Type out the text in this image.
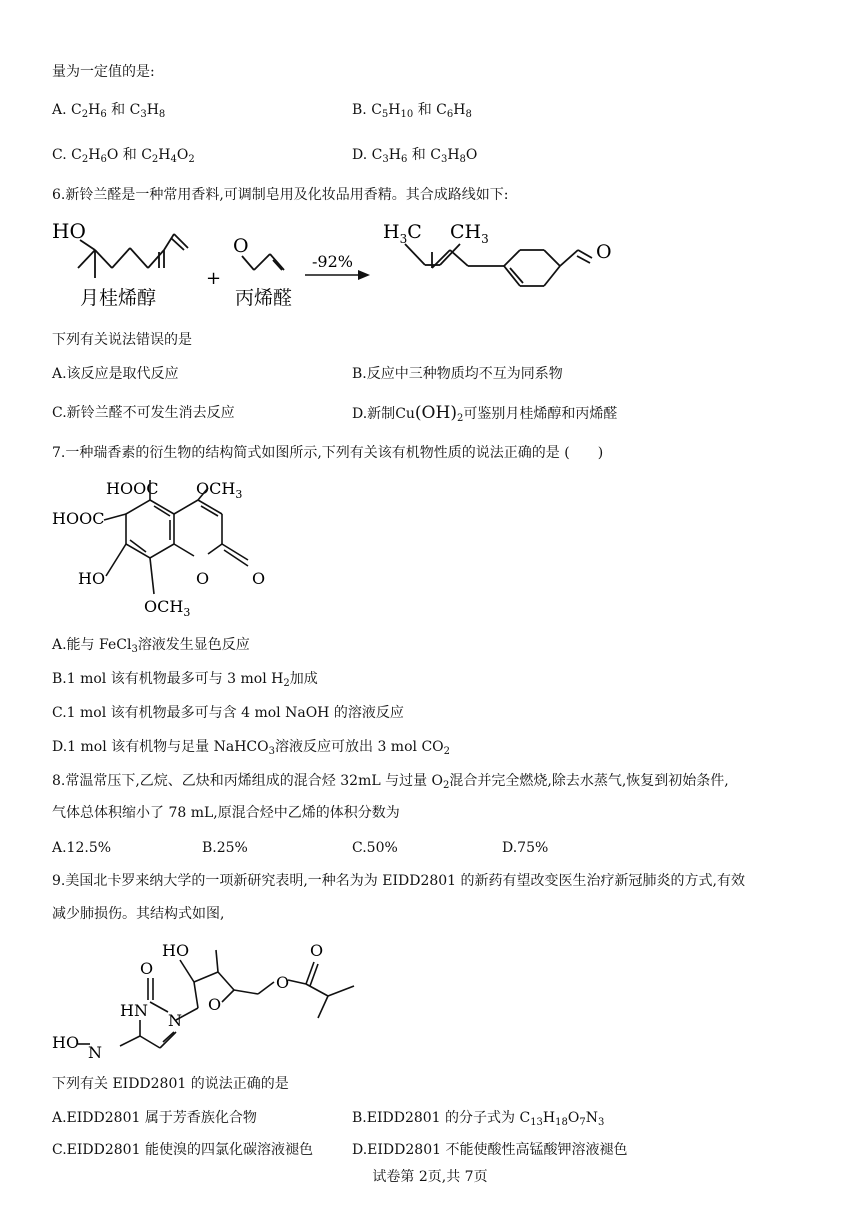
量为一定值的是:
A. $C_2H_6$ 和 $C_3H_8$	B. $C_5H_{10}$ 和 $C_6H_8$
C. $C_2H_6O$ 和 $C_2H_4O_2$	D. $C_3H_6$ 和 $C_3H_8O$
6.新铃兰醛是一种常用香料,可调制皂用及化妆品用香精。其合成路线如下:
HO
月桂烯醇
+
O
丙烯醛
-92%
$H_3C$ $CH_3$
O
下列有关说法错误的是
A.该反应是取代反应	B.反应中三种物质均不互为同系物
C.新铃兰醛不可发生消去反应	D.新制$Cu(OH)_2$可鉴别月桂烯醇和丙烯醛
7.一种瑞香素的衍生物的结构简式如图所示,下列有关该有机物性质的说法正确的是 (　　)
HOOC
HOOC
$OCH_3$
HO
$OCH_3$
O	O
A.能与 FeCl$_3$溶液发生显色反应
B.1 mol 该有机物最多可与 3 mol $H_2$加成
C.1 mol 该有机物最多可与含 4 mol NaOH 的溶液反应
D.1 mol 该有机物与足量 NaHCO$_3$溶液反应可放出 3 mol $CO_2$
8.常温常压下,乙烷、乙炔和丙烯组成的混合烃 32mL 与过量 $O_2$混合并完全燃烧,除去水蒸气,恢复到初始条件,
气体总体积缩小了 78 mL,原混合烃中乙烯的体积分数为
A.12.5%	B.25%	C.50%	D.75%
9.美国北卡罗来纳大学的一项新研究表明,一种名为为 EIDD2801 的新药有望改变医生治疗新冠肺炎的方式,有效
减少肺损伤。其结构式如图,
HO
O
O
O
O
HN
N
HO
N
下列有关 EIDD2801 的说法正确的是
A.EIDD2801 属于芳香族化合物	B.EIDD2801 的分子式为 $C_{13}H_{18}O_7N_3$
C.EIDD2801 能使溴的四氯化碳溶液褪色	D.EIDD2801 不能使酸性高锰酸钾溶液褪色
试卷第 2页,共 7页
